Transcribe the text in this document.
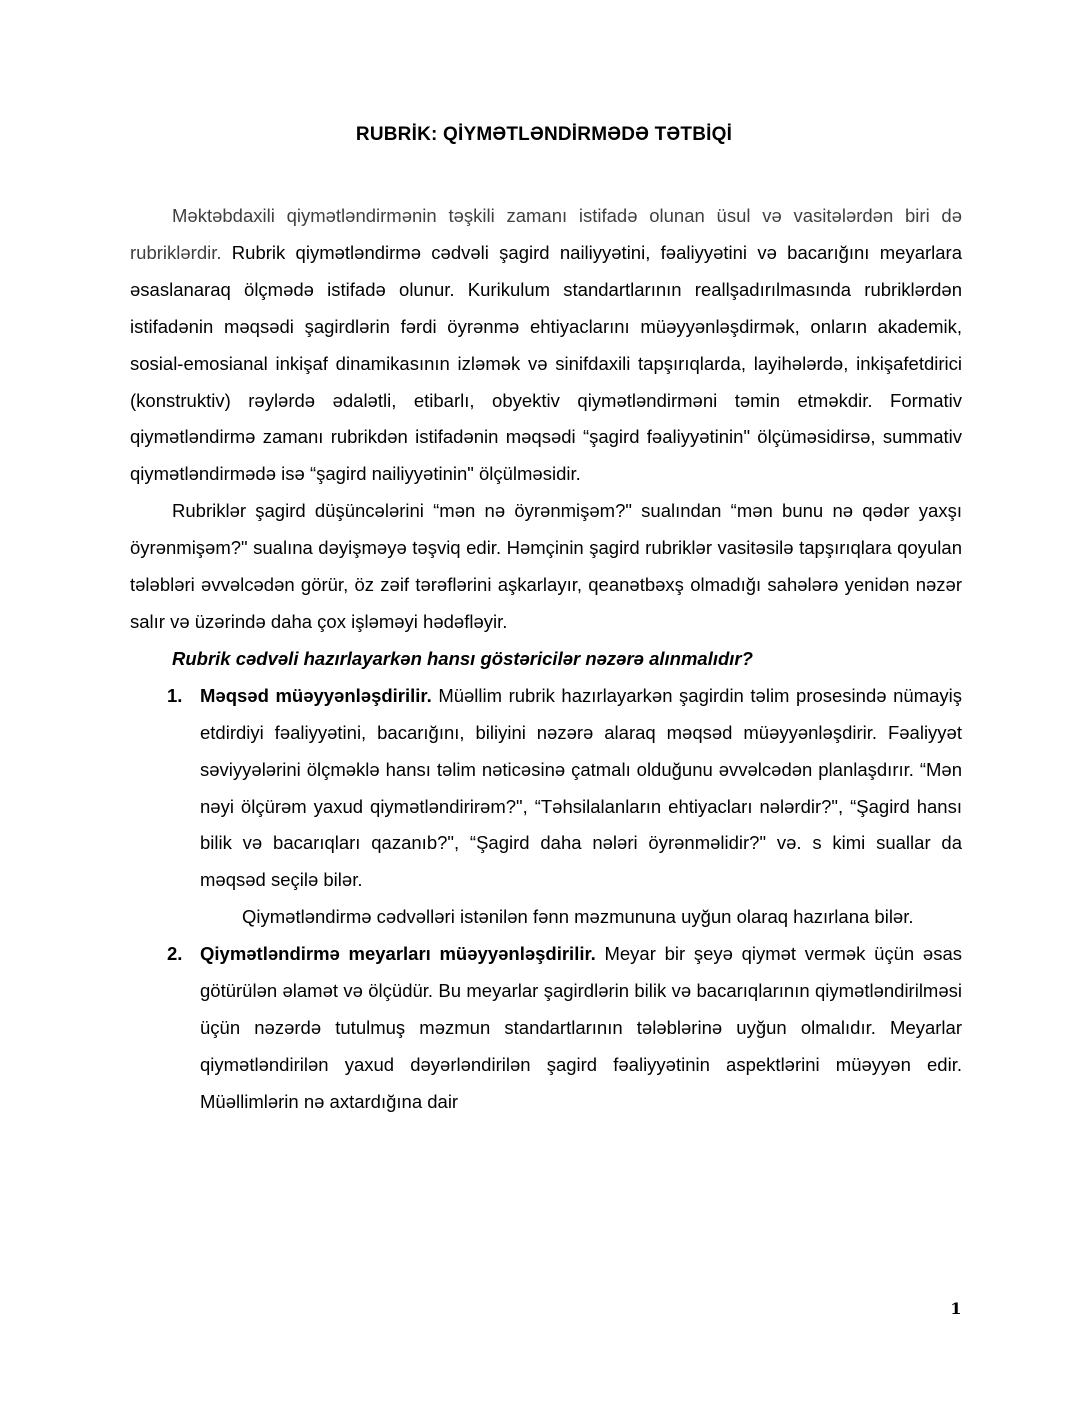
RUBRİK: QİYMƏTLƏNDİRMƏDƏ TƏTBİQİ

Məktəbdaxili qiymətləndirmənin təşkili zamanı istifadə olunan üsul və vasitələrdən biri də rubriklərdir. Rubrik qiymətləndirmə cədvəli şagird nailiyyətini, fəaliyyətini və bacarığını meyarlara əsaslanaraq ölçmədə istifadə olunur. Kurikulum standartlarının reallşadırılmasında rubriklərdən istifadənin məqsədi şagirdlərin fərdi öyrənmə ehtiyaclarını müəyyənləşdirmək, onların akademik, sosial-emosianal inkişaf dinamikasının izləmək və sinifdaxili tapşırıqlarda, layihələrdə, inkişafetdirici (konstruktiv) rəylərdə ədalətli, etibarlı, obyektiv qiymətləndirməni təmin etməkdir. Formativ qiymətləndirmə zamanı rubrikdən istifadənin məqsədi “şagird fəaliyyətinin" ölçüməsidirsə, summativ qiymətləndirmədə isə “şagird nailiyyətinin" ölçülməsidir.

Rubriklər şagird düşüncələrini “mən nə öyrənmişəm?" sualından “mən bunu nə qədər yaxşı öyrənmişəm?" sualına dəyişməyə təşviq edir. Həmçinin şagird rubriklər vasitəsilə tapşırıqlara qoyulan tələbləri əvvəlcədən görür, öz zəif tərəflərini aşkarlayır, qeanətbəxş olmadığı sahələrə yenidən nəzər salır və üzərində daha çox işləməyi hədəfləyir.

Rubrik cədvəli hazırlayarkən hansı göstəricilər nəzərə alınmalıdır?

1. Məqsəd müəyyənləşdirilir. Müəllim rubrik hazırlayarkən şagirdin təlim prosesində nümayiş etdirdiyi fəaliyyətini, bacarığını, biliyini nəzərə alaraq məqsəd müəyyənləşdirir. Fəaliyyət səviyyələrini ölçməklə hansı təlim nəticəsinə çatmalı olduğunu əvvəlcədən planlaşdırır. “Mən nəyi ölçürəm yaxud qiymətləndirirəm?", “Təhsilalanların ehtiyacları nələrdir?", “Şagird hansı bilik və bacarıqları qazanıb?", “Şagird daha nələri öyrənməlidir?" və. s kimi suallar da məqsəd seçilə bilər.

Qiymətləndirmə cədvəlləri istənilən fənn məzmununa uyğun olaraq hazırlana bilər.

2. Qiymətləndirmə meyarları müəyyənləşdirilir. Meyar bir şeyə qiymət vermək üçün əsas götürülən əlamət və ölçüdür. Bu meyarlar şagirdlərin bilik və bacarıqlarının qiymətləndirilməsi üçün nəzərdə tutulmuş məzmun standartlarının tələblərinə uyğun olmalıdır. Meyarlar qiymətləndirilən yaxud dəyərləndirilən şagird fəaliyyətinin aspektlərini müəyyən edir. Müəllimlərin nə axtardığına dair
1
